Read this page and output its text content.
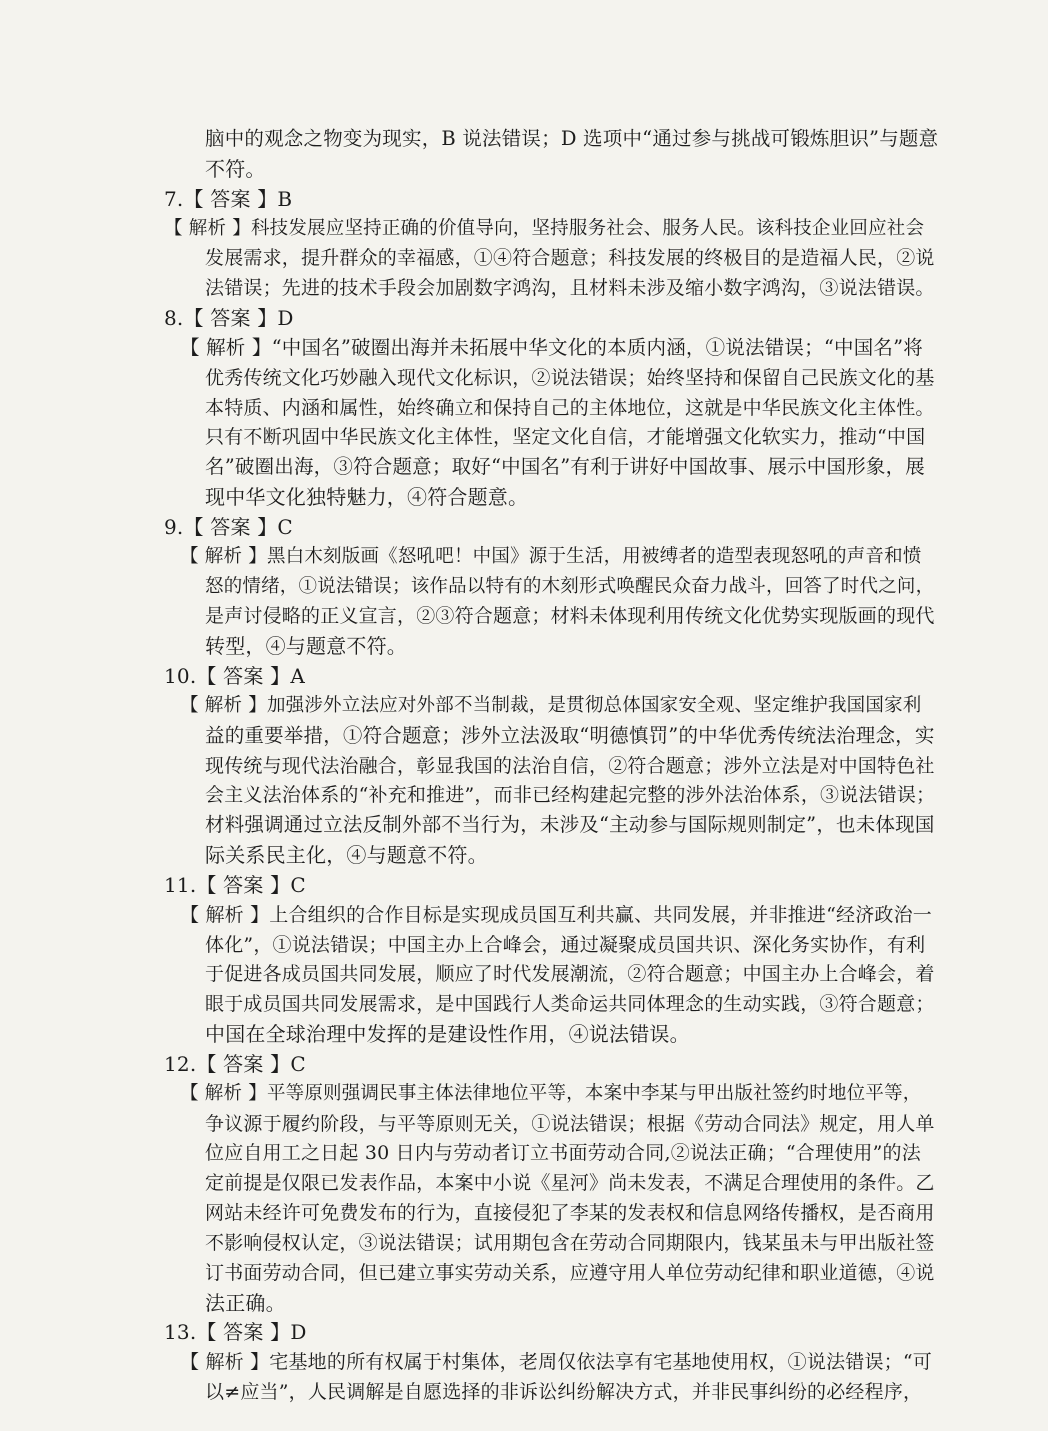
脑中的观念之物变为现实，B 说法错误；D 选项中“通过参与挑战可锻炼胆识”与题意
不符。
7.【 答案 】B
【 解析 】科技发展应坚持正确的价值导向，坚持服务社会、服务人民。该科技企业回应社会
发展需求，提升群众的幸福感，①④符合题意；科技发展的终极目的是造福人民，②说
法错误；先进的技术手段会加剧数字鸿沟，且材料未涉及缩小数字鸿沟，③说法错误。
8.【 答案 】D
【 解析 】“中国名”破圈出海并未拓展中华文化的本质内涵，①说法错误；“中国名”将
优秀传统文化巧妙融入现代文化标识，②说法错误；始终坚持和保留自己民族文化的基
本特质、内涵和属性，始终确立和保持自己的主体地位，这就是中华民族文化主体性。
只有不断巩固中华民族文化主体性，坚定文化自信，才能增强文化软实力，推动“中国
名”破圈出海，③符合题意；取好“中国名”有利于讲好中国故事、展示中国形象，展
现中华文化独特魅力，④符合题意。
9.【 答案 】C
【 解析 】黑白木刻版画《怒吼吧！中国》源于生活，用被缚者的造型表现怒吼的声音和愤
怒的情绪，①说法错误；该作品以特有的木刻形式唤醒民众奋力战斗，回答了时代之问，
是声讨侵略的正义宣言，②③符合题意；材料未体现利用传统文化优势实现版画的现代
转型，④与题意不符。
10.【 答案 】A
【 解析 】加强涉外立法应对外部不当制裁，是贯彻总体国家安全观、坚定维护我国国家利
益的重要举措，①符合题意；涉外立法汲取“明德慎罚”的中华优秀传统法治理念，实
现传统与现代法治融合，彰显我国的法治自信，②符合题意；涉外立法是对中国特色社
会主义法治体系的“补充和推进”，而非已经构建起完整的涉外法治体系，③说法错误；
材料强调通过立法反制外部不当行为，未涉及“主动参与国际规则制定”，也未体现国
际关系民主化，④与题意不符。
11.【 答案 】C
【 解析 】上合组织的合作目标是实现成员国互利共赢、共同发展，并非推进“经济政治一
体化”，①说法错误；中国主办上合峰会，通过凝聚成员国共识、深化务实协作，有利
于促进各成员国共同发展，顺应了时代发展潮流，②符合题意；中国主办上合峰会，着
眼于成员国共同发展需求，是中国践行人类命运共同体理念的生动实践，③符合题意；
中国在全球治理中发挥的是建设性作用，④说法错误。
12.【 答案 】C
【 解析 】平等原则强调民事主体法律地位平等，本案中李某与甲出版社签约时地位平等，
争议源于履约阶段，与平等原则无关，①说法错误；根据《劳动合同法》规定，用人单
位应自用工之日起 30 日内与劳动者订立书面劳动合同,②说法正确；“合理使用”的法
定前提是仅限已发表作品，本案中小说《星河》尚未发表，不满足合理使用的条件。乙
网站未经许可免费发布的行为，直接侵犯了李某的发表权和信息网络传播权，是否商用
不影响侵权认定，③说法错误；试用期包含在劳动合同期限内，钱某虽未与甲出版社签
订书面劳动合同，但已建立事实劳动关系，应遵守用人单位劳动纪律和职业道德，④说
法正确。
13.【 答案 】D
【 解析 】宅基地的所有权属于村集体，老周仅依法享有宅基地使用权，①说法错误；“可
以≠应当”，人民调解是自愿选择的非诉讼纠纷解决方式，并非民事纠纷的必经程序，
